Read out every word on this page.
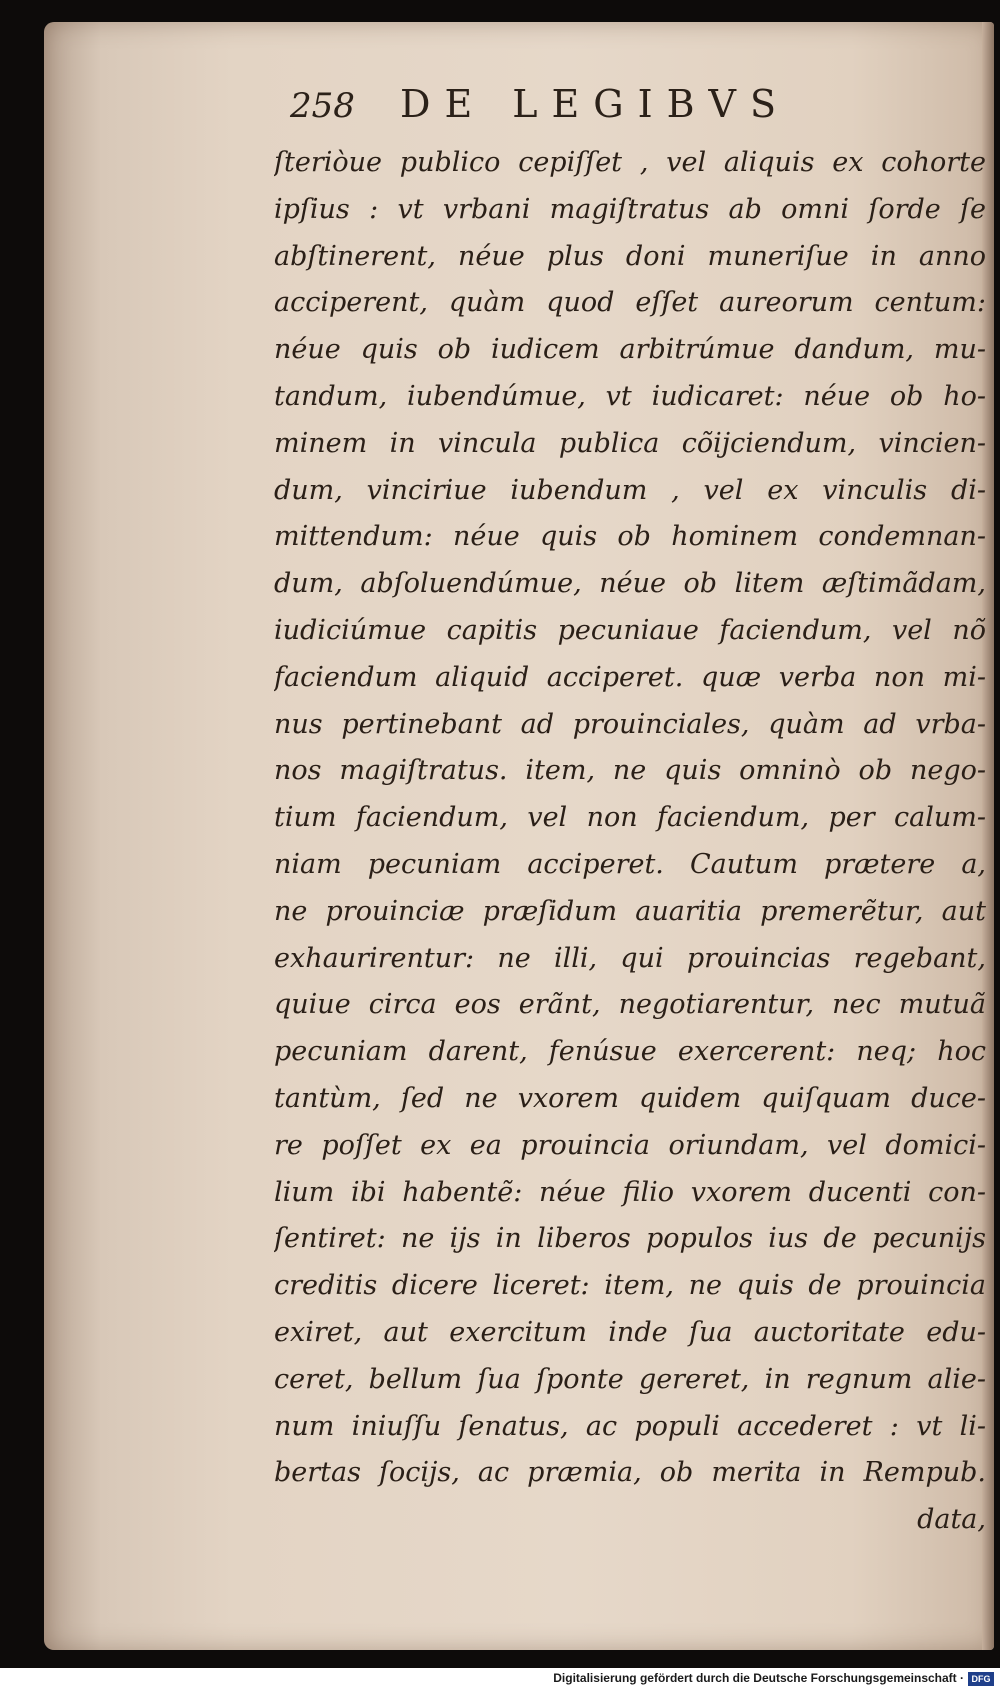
258 DE LEGIBVS
ſteriòue publico cepiſſet , vel aliquis ex cohorte
ipſius : vt vrbani magiſtratus ab omni ſorde ſe
abſtinerent, néue plus doni muneriſue in anno
acciperent, quàm quod eſſet aureorum centum:
néue quis ob iudicem arbitrúmue dandum, mu-
tandum, iubendúmue, vt iudicaret: néue ob ho-
minem in vincula publica cõijciendum, vincien-
dum, vinciriue iubendum , vel ex vinculis di-
mittendum: néue quis ob hominem condemnan-
dum, abſoluendúmue, néue ob litem æſtimãdam,
iudiciúmue capitis pecuniaue faciendum, vel nõ
faciendum aliquid acciperet. quæ verba non mi-
nus pertinebant ad prouinciales, quàm ad vrba-
nos magiſtratus. item, ne quis omninò ob nego-
tium faciendum, vel non faciendum, per calum-
niam pecuniam acciperet. Cautum prætere a,
ne prouinciæ præſidum auaritia premerẽtur, aut
exhaurirentur: ne illi, qui prouincias regebant,
quiue circa eos erãnt, negotiarentur, nec mutuã
pecuniam darent, fenúsue exercerent: neq; hoc
tantùm, ſed ne vxorem quidem quiſquam duce-
re poſſet ex ea prouincia oriundam, vel domici-
lium ibi habentẽ: néue filio vxorem ducenti con-
ſentiret: ne ijs in liberos populos ius de pecunijs
creditis dicere liceret: item, ne quis de prouincia
exiret, aut exercitum inde ſua auctoritate edu-
ceret, bellum ſua ſponte gereret, in regnum alie-
num iniuſſu ſenatus, ac populi accederet : vt li-
bertas ſocijs, ac præmia, ob merita in Rempub.
data,
Digitalisierung gefördert durch die Deutsche Forschungsgemeinschaft · DFG
